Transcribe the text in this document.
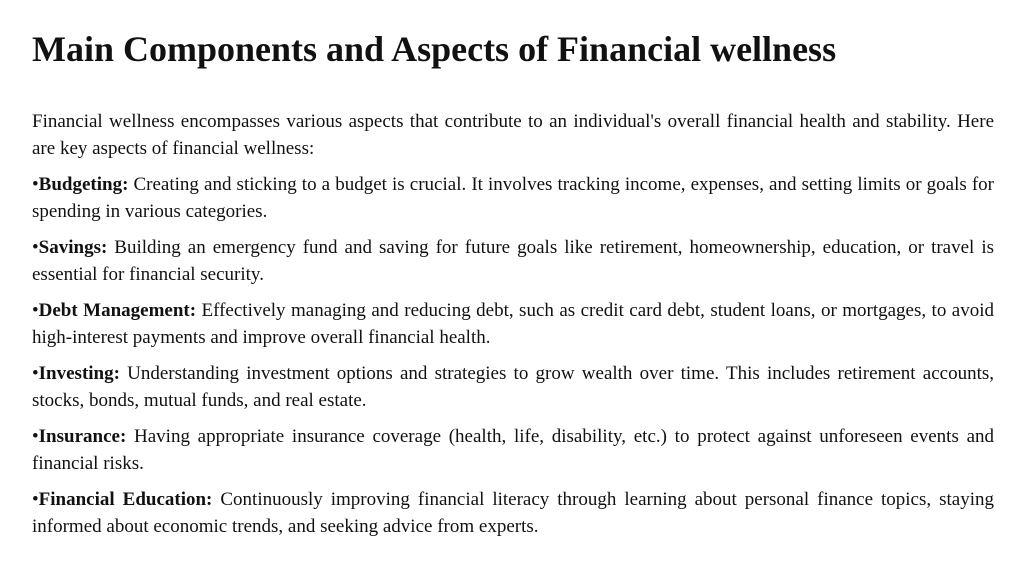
Main Components and Aspects of Financial wellness

Financial wellness encompasses various aspects that contribute to an individual's overall financial health and stability. Here are key aspects of financial wellness:

•Budgeting: Creating and sticking to a budget is crucial. It involves tracking income, expenses, and setting limits or goals for spending in various categories.
•Savings: Building an emergency fund and saving for future goals like retirement, homeownership, education, or travel is essential for financial security.
•Debt Management: Effectively managing and reducing debt, such as credit card debt, student loans, or mortgages, to avoid high-interest payments and improve overall financial health.
•Investing: Understanding investment options and strategies to grow wealth over time. This includes retirement accounts, stocks, bonds, mutual funds, and real estate.
•Insurance: Having appropriate insurance coverage (health, life, disability, etc.) to protect against unforeseen events and financial risks.
•Financial Education: Continuously improving financial literacy through learning about personal finance topics, staying informed about economic trends, and seeking advice from experts.
